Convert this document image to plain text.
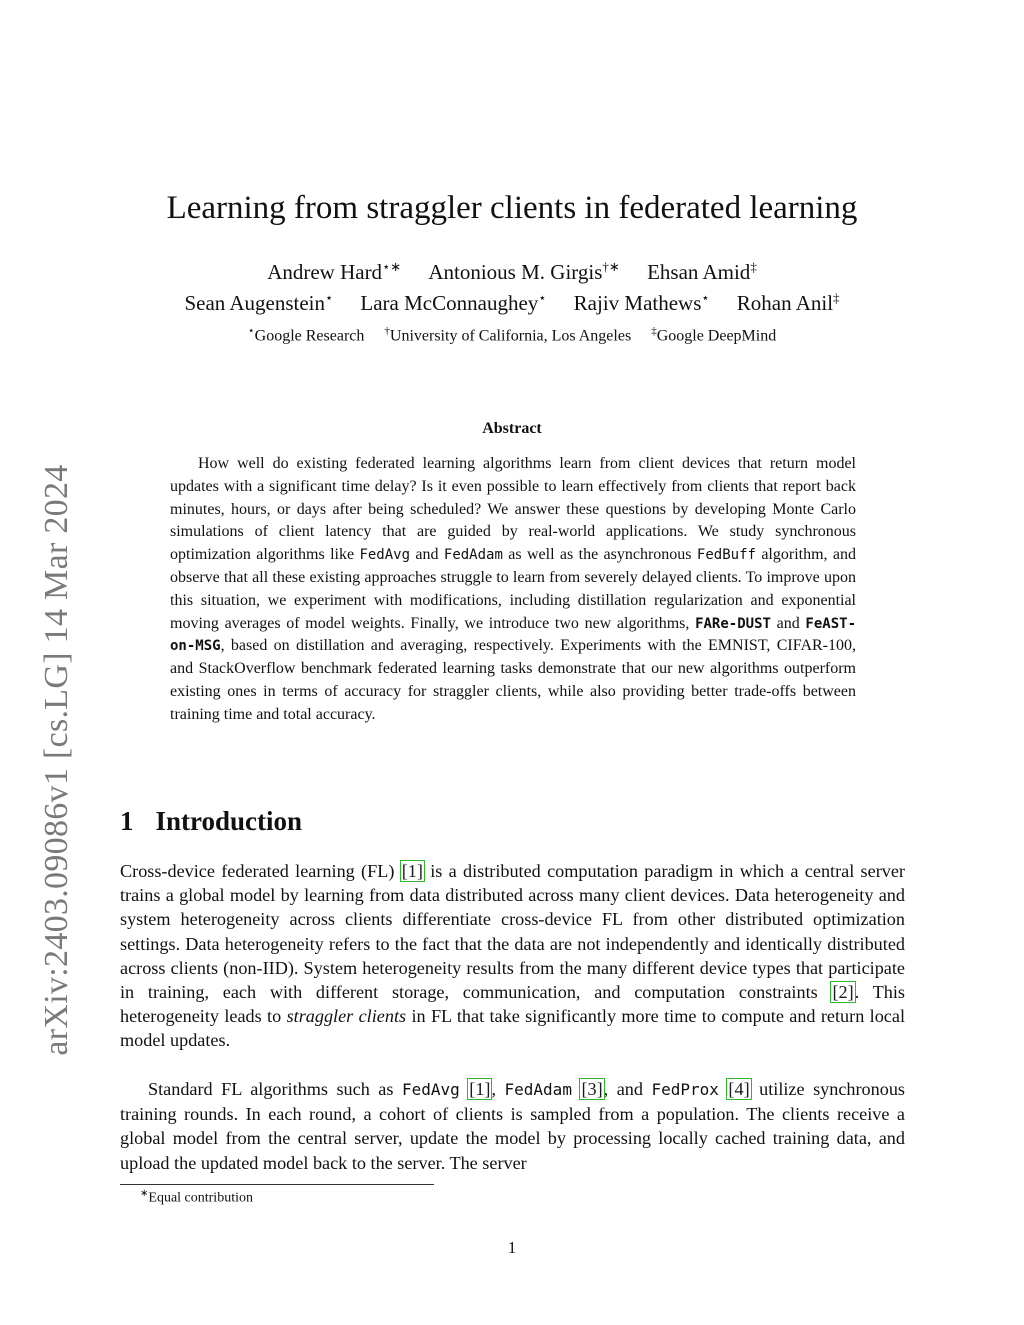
arXiv:2403.09086v1 [cs.LG] 14 Mar 2024
Learning from straggler clients in federated learning
Andrew Hard⋆∗ Antonious M. Girgis†∗ Ehsan Amid‡
Sean Augenstein⋆ Lara McConnaughey⋆ Rajiv Mathews⋆ Rohan Anil‡
⋆Google Research †University of California, Los Angeles ‡Google DeepMind
Abstract
How well do existing federated learning algorithms learn from client devices that return model updates with a significant time delay? Is it even possible to learn effectively from clients that report back minutes, hours, or days after being scheduled? We answer these questions by developing Monte Carlo simulations of client latency that are guided by real-world applications. We study synchronous optimization algorithms like FedAvg and FedAdam as well as the asynchronous FedBuff algorithm, and observe that all these existing approaches struggle to learn from severely delayed clients. To improve upon this situation, we experiment with modifications, including distillation regularization and exponential moving averages of model weights. Finally, we introduce two new algorithms, FARe-DUST and FeAST-on-MSG, based on distillation and averaging, respectively. Experiments with the EMNIST, CIFAR-100, and StackOverflow benchmark federated learning tasks demonstrate that our new algorithms outperform existing ones in terms of accuracy for straggler clients, while also providing better trade-offs between training time and total accuracy.
1 Introduction
Cross-device federated learning (FL) [1] is a distributed computation paradigm in which a central server trains a global model by learning from data distributed across many client devices. Data heterogeneity and system heterogeneity across clients differentiate cross-device FL from other distributed optimization settings. Data heterogeneity refers to the fact that the data are not independently and identically distributed across clients (non-IID). System heterogeneity results from the many different device types that participate in training, each with different storage, communication, and computation constraints [2]. This heterogeneity leads to straggler clients in FL that take significantly more time to compute and return local model updates.
Standard FL algorithms such as FedAvg [1], FedAdam [3], and FedProx [4] utilize synchronous training rounds. In each round, a cohort of clients is sampled from a population. The clients receive a global model from the central server, update the model by processing locally cached training data, and upload the updated model back to the server. The server
∗Equal contribution
1
